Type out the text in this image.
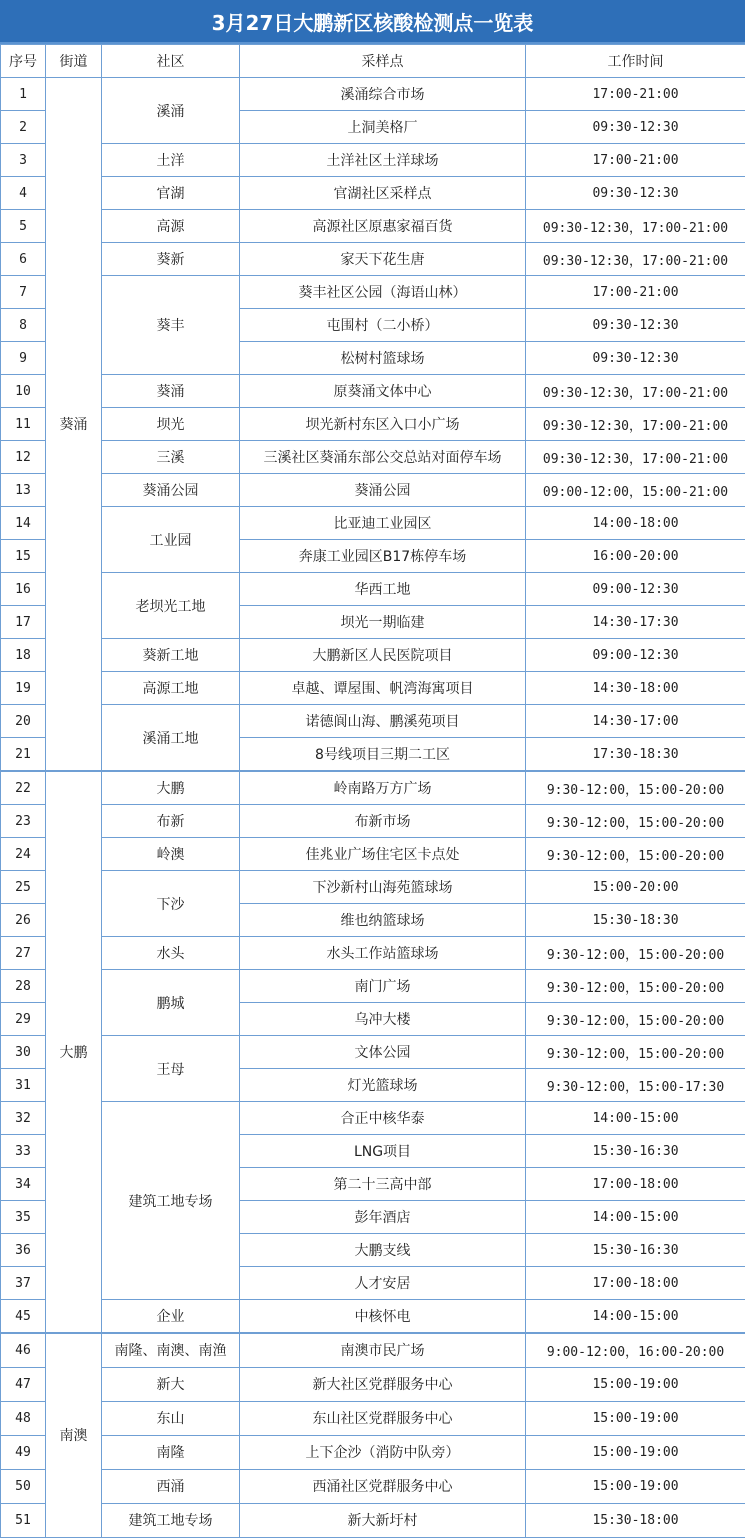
3月27日大鹏新区核酸检测点一览表
序号	街道	社区	采样点	工作时间
1	葵涌	溪涌	溪涌综合市场	17:00-21:00
2			上洞美格厂	09:30-12:30
3		土洋	土洋社区土洋球场	17:00-21:00
4		官湖	官湖社区采样点	09:30-12:30
5		高源	高源社区原惠家福百货	09:30-12:30，17:00-21:00
6		葵新	家天下花生唐	09:30-12:30，17:00-21:00
7		葵丰	葵丰社区公园（海语山林）	17:00-21:00
8			屯围村（二小桥）	09:30-12:30
9			松树村篮球场	09:30-12:30
10		葵涌	原葵涌文体中心	09:30-12:30，17:00-21:00
11		坝光	坝光新村东区入口小广场	09:30-12:30，17:00-21:00
12		三溪	三溪社区葵涌东部公交总站对面停车场	09:30-12:30，17:00-21:00
13		葵涌公园	葵涌公园	09:00-12:00，15:00-21:00
14		工业园	比亚迪工业园区	14:00-18:00
15			奔康工业园区B17栋停车场	16:00-20:00
16		老坝光工地	华西工地	09:00-12:30
17			坝光一期临建	14:30-17:30
18		葵新工地	大鹏新区人民医院项目	09:00-12:30
19		高源工地	卓越、谭屋围、帆湾海寓项目	14:30-18:00
20		溪涌工地	诺德阆山海、鹏溪苑项目	14:30-17:00
21			8号线项目三期二工区	17:30-18:30
22	大鹏	大鹏	岭南路万方广场	9:30-12:00，15:00-20:00
23		布新	布新市场	9:30-12:00，15:00-20:00
24		岭澳	佳兆业广场住宅区卡点处	9:30-12:00，15:00-20:00
25		下沙	下沙新村山海苑篮球场	15:00-20:00
26			维也纳篮球场	15:30-18:30
27		水头	水头工作站篮球场	9:30-12:00，15:00-20:00
28		鹏城	南门广场	9:30-12:00，15:00-20:00
29			乌冲大楼	9:30-12:00，15:00-20:00
30		王母	文体公园	9:30-12:00，15:00-20:00
31			灯光篮球场	9:30-12:00，15:00-17:30
32		建筑工地专场	合正中核华泰	14:00-15:00
33			LNG项目	15:30-16:30
34			第二十三高中部	17:00-18:00
35			彭年酒店	14:00-15:00
36			大鹏支线	15:30-16:30
37			人才安居	17:00-18:00
45		企业	中核怀电	14:00-15:00
46	南澳	南隆、南澳、南渔	南澳市民广场	9:00-12:00，16:00-20:00
47		新大	新大社区党群服务中心	15:00-19:00
48		东山	东山社区党群服务中心	15:00-19:00
49		南隆	上下企沙（消防中队旁）	15:00-19:00
50		西涌	西涌社区党群服务中心	15:00-19:00
51		建筑工地专场	新大新圩村	15:30-18:00
